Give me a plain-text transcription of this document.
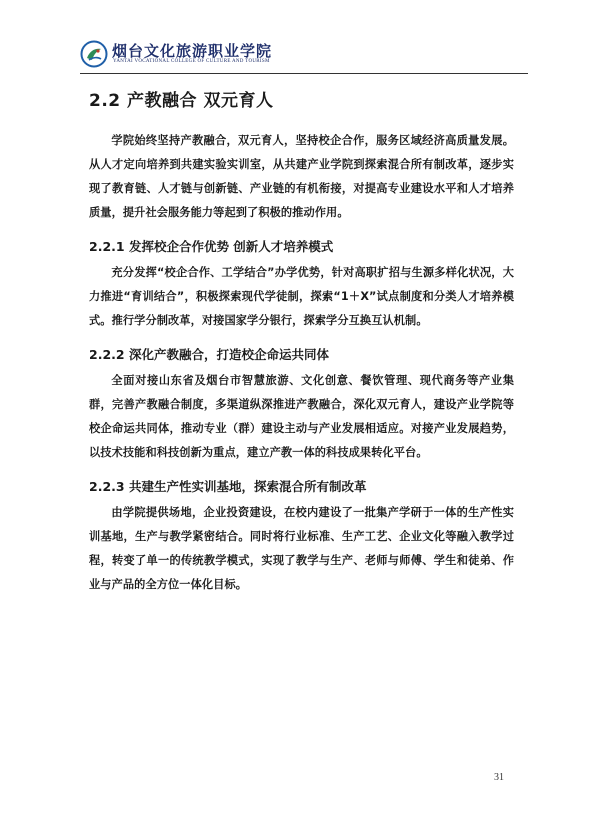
烟台文化旅游职业学院
YANTAI VOCATIONAL COLLEGE OF CULTURE AND TOURISM
2.2 产教融合 双元育人

学院始终坚持产教融合，双元育人，坚持校企合作，服务区域经济高质量发展。从人才定向培养到共建实验实训室，从共建产业学院到探索混合所有制改革，逐步实现了教育链、人才链与创新链、产业链的有机衔接，对提高专业建设水平和人才培养质量，提升社会服务能力等起到了积极的推动作用。

2.2.1 发挥校企合作优势 创新人才培养模式

充分发挥“校企合作、工学结合”办学优势，针对高职扩招与生源多样化状况，大力推进“育训结合”，积极探索现代学徒制，探索“1＋X”试点制度和分类人才培养模式。推行学分制改革，对接国家学分银行，探索学分互换互认机制。

2.2.2 深化产教融合，打造校企命运共同体

全面对接山东省及烟台市智慧旅游、文化创意、餐饮管理、现代商务等产业集群，完善产教融合制度，多渠道纵深推进产教融合，深化双元育人，建设产业学院等校企命运共同体，推动专业（群）建设主动与产业发展相适应。对接产业发展趋势，以技术技能和科技创新为重点，建立产教一体的科技成果转化平台。

2.2.3 共建生产性实训基地，探索混合所有制改革

由学院提供场地，企业投资建设，在校内建设了一批集产学研于一体的生产性实训基地，生产与教学紧密结合。同时将行业标准、生产工艺、企业文化等融入教学过程，转变了单一的传统教学模式，实现了教学与生产、老师与师傅、学生和徒弟、作业与产品的全方位一体化目标。

31
